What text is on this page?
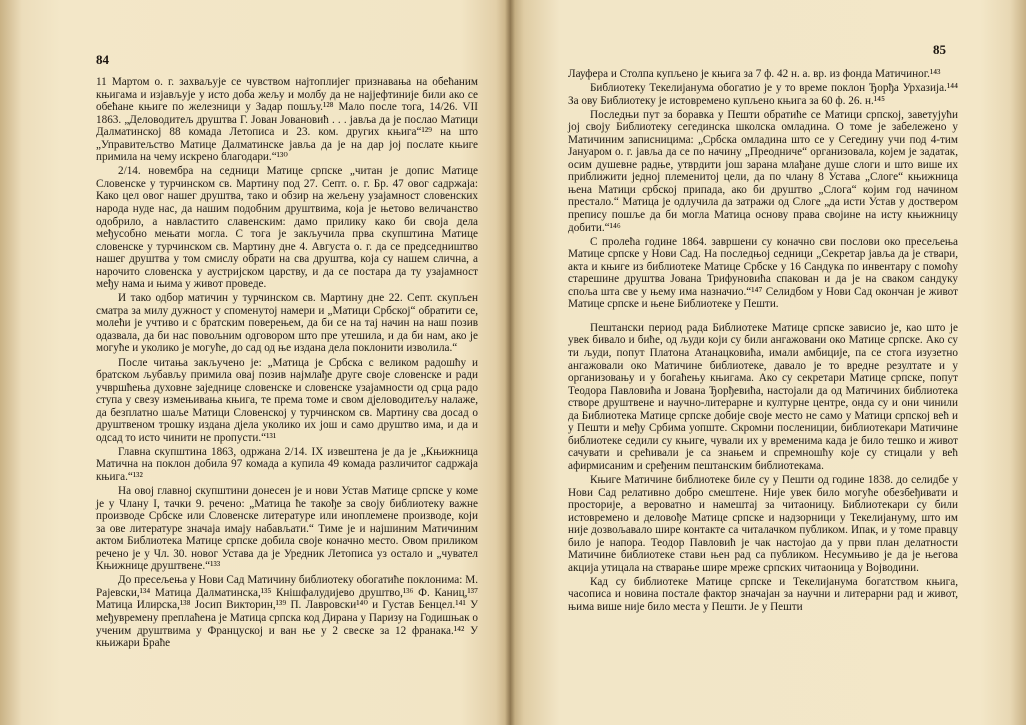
84

11 Мартом о. г. захваљује се чувством најтоплијег признавања на обећаним књигама и изјављује у исто доба жељу и молбу да не најјефтиније били ако се обећане књиге по железници у Задар пошљу.¹²⁸ Мало после тога, 14/26. VII 1863. „Деловодитељ друштва Г. Јован Јовановић . . . јавља да је послао Матици Далматинској 88 комада Летописа и 23. ком. других књига“¹²⁹ на што „Управитељство Матице Далматинске јавља да је на дар јој послате књиге примила на чему искрено благодари.“¹³⁰

2/14. новембра на седници Матице српске „читан је допис Матице Словенске у турчинском св. Мартину под 27. Септ. о. г. Бр. 47 овог садржаја: Како цел овог нашег друштва, тако и обзир на жељену узајамност словенских народа нуде нас, да нашим подобним друштвима, која је њетово величанство одобрило, а навластито славенским: дамо прилику како би своја дела међусобно мењати могла. С тога је закључила прва скупштина Матице словенске у турчинском св. Мартину дне 4. Августа о. г. да се председништво нашег друштва у том смислу обрати на сва друштва, која су нашем слична, а нарочито словенска у аустријском царству, и да се постара да ту узајамност међу нама и њима у живот проведе.

И тако одбор матичин у турчинском св. Мартину дне 22. Септ. скупљен сматра за милу дужност у споменутој намери и „Матици Србској“ обратити се, молећи је учтиво и с братским поверењем, да би се на тај начин на наш позив одазвала, да би нас повољним одговором што пре утешила, и да би нам, ако је могуће и уколико је могуће, до сад од ње издана дела поклонити изволила.“

После читања закључено је: „Матица је Србска с великом радошћу и братском љубављу примила овај позив најмлађе друге своје словенске и ради учвршћења духовне заједнице словенске и словенске узајамности од срца радо ступа у свезу измењивања књига, те према томе и свом дјеловодитељу налаже, да безплатно шаље Матици Словенској у турчинском св. Мартину сва досад о друштвеном трошку издана дјела уколико их још и само друштво има, и да и одсад то исто чинити не пропусти.“¹³¹

Главна скупштина 1863, одржана 2/14. IX извештена је да је „Књижница Матична на поклон добила 97 комада а купила 49 комада различитог садржаја књига.“¹³²

На овој главној скупштини донесен је и нови Устав Матице српске у коме је у Члану I, тачки 9. речено: „Матица ће такође за своју библиотеку важне производе Србске или Словенске литературе или иноплемене производе, који за ове литературе значаја имају набављати.“ Тиме је и најшиним Матичиним актом Библиотека Матице српске добила своје коначно место. Овом приликом речено је у Чл. 30. новог Устава да је Уредник Летописа уз остало и „чувател Књижнице друштвене.“¹³³

До пресељења у Нови Сад Матичину библиотеку обогатиће поклонима: М. Рајевски,¹³⁴ Матица Далматинска,¹³⁵ Кнішфалудијево друштво,¹³⁶ Ф. Каниц,¹³⁷ Матица Илирска,¹³⁸ Јосип Викторин,¹³⁹ П. Лавровски¹⁴⁰ и Густав Бенцел.¹⁴¹ У међувремену преплаћена је Матица српска код Дирана у Паризу на Годишњак о ученим друштвима у Француској и ван ње у 2 свеске за 12 франака.¹⁴² У књижари Браће

85

Лауфера и Столпа купљено је књига за 7 ф. 42 н. а. вр. из фонда Матичиног.¹⁴³

Библиотеку Текелијанума обогатио је у то време поклон Ђорђа Урхазија.¹⁴⁴ За ову Библиотеку је истовремено купљено књига за 60 ф. 26. н.¹⁴⁵

Последњи пут за боравка у Пешти обратиће се Матици српској, заветујући јој своју Библиотеку сегединска школска омладина. О томе је забележено у Матичиним записницима: „Србска омладина што се у Сегедину учи под 4-тим Јануаром о. г. јавља да се по начину „Преодниче“ организовала, којем је задатак, осим душевне радње, утврдити још зарана млађане душе слоги и што више их приближити једној племенитој цели, да по члану 8 Устава „Слоге“ књижница њена Матици србској припада, ако би друштво „Слога“ којим год начином престало.“ Матица је одлучила да затражи од Слоге „да исти Устав у доствером препису пошље да би могла Матица основу права својине на исту књижницу добити.“¹⁴⁶

С пролећа године 1864. завршени су коначно сви послови око пресељења Матице српске у Нови Сад. На последњој седници „Секретар јавља да је ствари, акта и књиге из библиотеке Матице Србске у 16 Сандука по инвентару с помоћу старешине друштва Јована Трифуновића спакован и да је на сваком сандуку споља шта све у њему има назначио.“¹⁴⁷ Селидбом у Нови Сад окончан је живот Матице српске и њене Библиотеке у Пешти.

Пештански период рада Библиотеке Матице српске зависио је, као што је увек бивало и биће, од људи који су били ангажовани око Матице српске. Ако су ти људи, попут Платона Атанацковића, имали амбиције, па се стога изузетно ангажовали око Матичине библиотеке, давало је то вредне резултате и у организовању и у богаћењу књигама. Ако су секретари Матице српске, попут Теодора Павловића и Јована Ђорђевића, настојали да од Матичиних библиотека створе друштвене и научно-литерарне и културне центре, онда су и они чинили да Библиотека Матице српске добије своје место не само у Матици српској већ и у Пешти и међу Србима уопште. Скромни послениции, библиотекари Матичине библиотеке седили су књиге, чували их у временима када је било тешко и живот сачувати и срећивали је са знањем и спремношћу које су стицали у већ афирмисаним и сређеним пештанским библиотекама.

Књиге Матичине библиотеке биле су у Пешти од године 1838. до селидбе у Нови Сад релативно добро смештене. Није увек било могуће обезбеђивати и просторије, а вероватно и намештај за читаоницу. Библиотекари су били истовремено и деловође Матице српске и надзорници у Текелијануму, што им није дозвољавало шире контакте са читалачком публиком. Ипак, и у томе правцу било је напора. Теодор Павловић је чак настојао да у први план делатности Матичине библиотеке стави њен рад са публиком. Несумњиво је да је његова акција утицала на стварање шире мреже српских читаоница у Војводини.

Кад су библиотеке Матице српске и Текелијанума богатством књига, часописа и новина постале фактор значајан за научни и литерарни рад и живот, њима више није било места у Пешти. Је у Пешти
